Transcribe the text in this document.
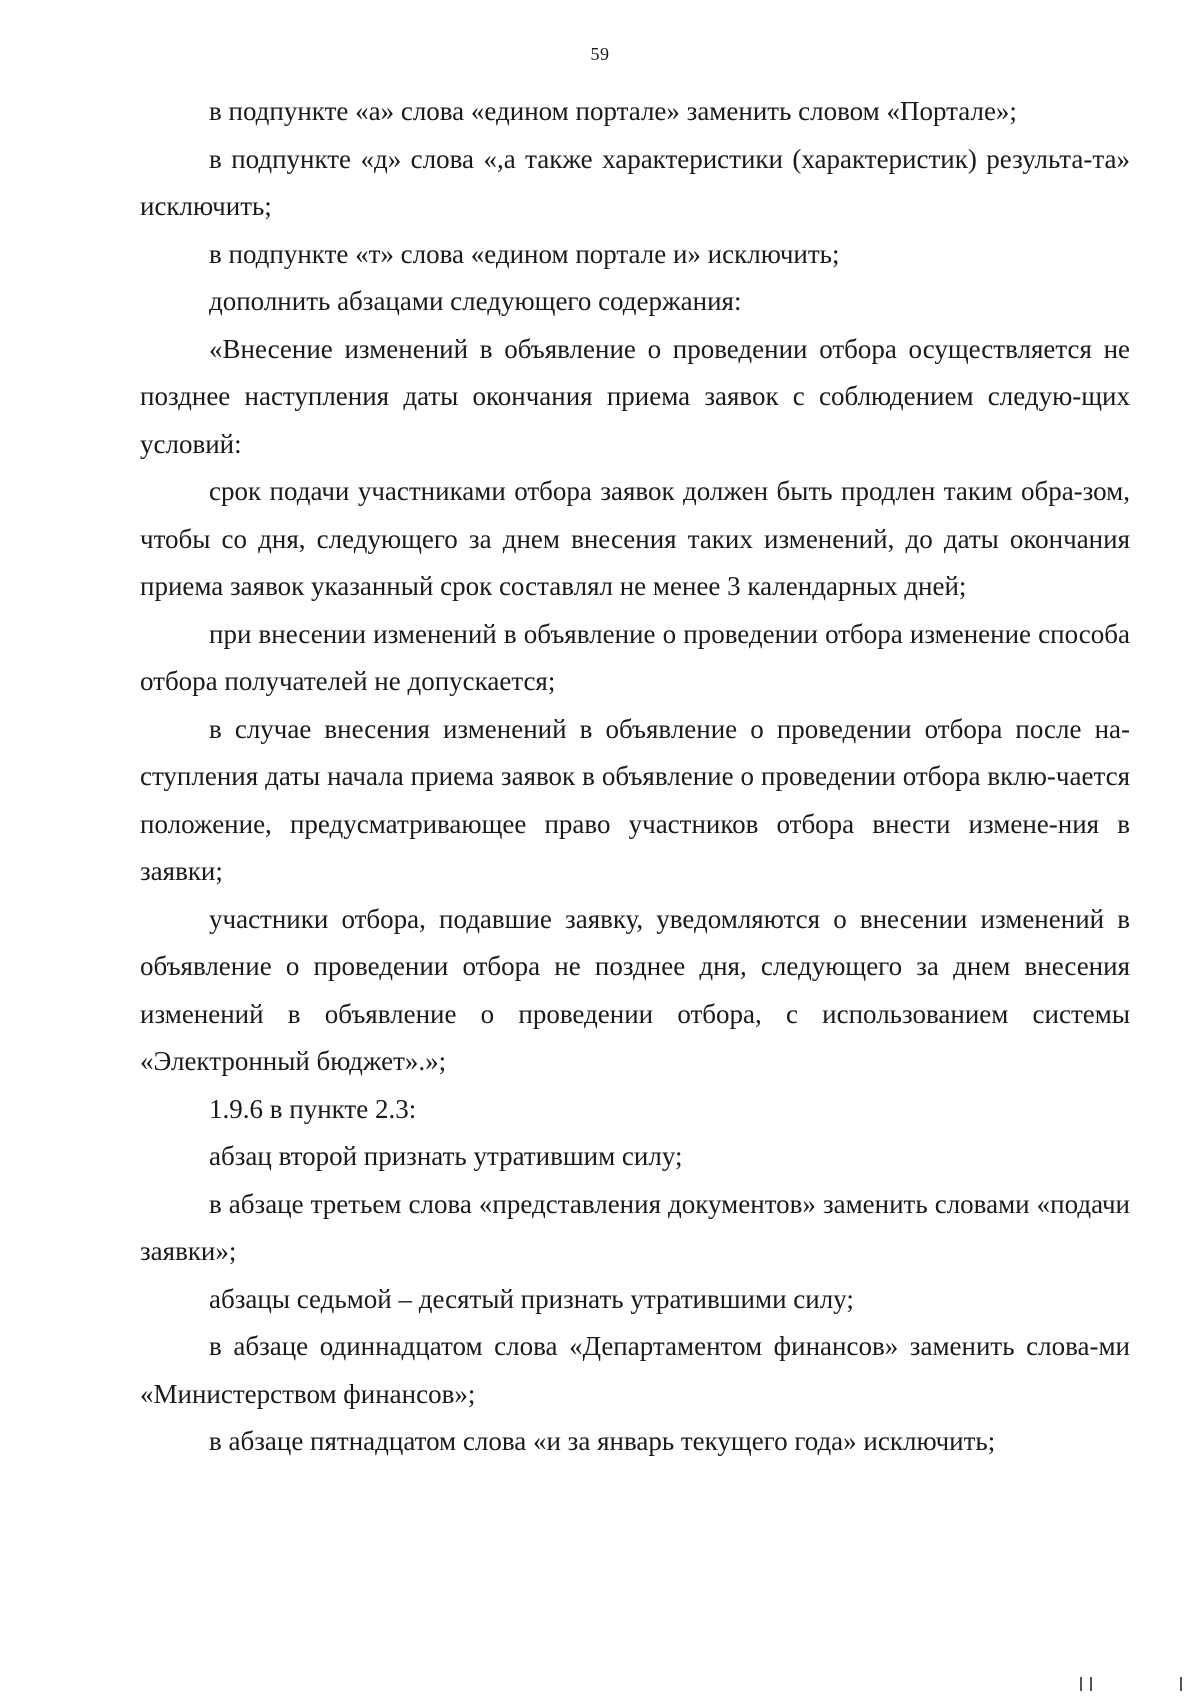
59

в подпункте «а» слова «едином портале» заменить словом «Портале»;

в подпункте «д» слова «,а также характеристики (характеристик) результа-та» исключить;

в подпункте «т» слова «едином портале и» исключить;

дополнить абзацами следующего содержания:

«Внесение изменений в объявление о проведении отбора осуществляется не позднее наступления даты окончания приема заявок с соблюдением следую-щих условий:

срок подачи участниками отбора заявок должен быть продлен таким обра-зом, чтобы со дня, следующего за днем внесения таких изменений, до даты окончания приема заявок указанный срок составлял не менее 3 календарных дней;

при внесении изменений в объявление о проведении отбора изменение способа отбора получателей не допускается;

в случае внесения изменений в объявление о проведении отбора после на-ступления даты начала приема заявок в объявление о проведении отбора вклю-чается положение, предусматривающее право участников отбора внести измене-ния в заявки;

участники отбора, подавшие заявку, уведомляются о внесении изменений в объявление о проведении отбора не позднее дня, следующего за днем внесения изменений в объявление о проведении отбора, с использованием системы «Электронный бюджет».»;

1.9.6 в пункте 2.3:

абзац второй признать утратившим силу;

в абзаце третьем слова «представления документов» заменить словами «подачи заявки»;

абзацы седьмой – десятый признать утратившими силу;

в абзаце одиннадцатом слова «Департаментом финансов» заменить слова-ми «Министерством финансов»;

в абзаце пятнадцатом слова «и за январь текущего года» исключить;
